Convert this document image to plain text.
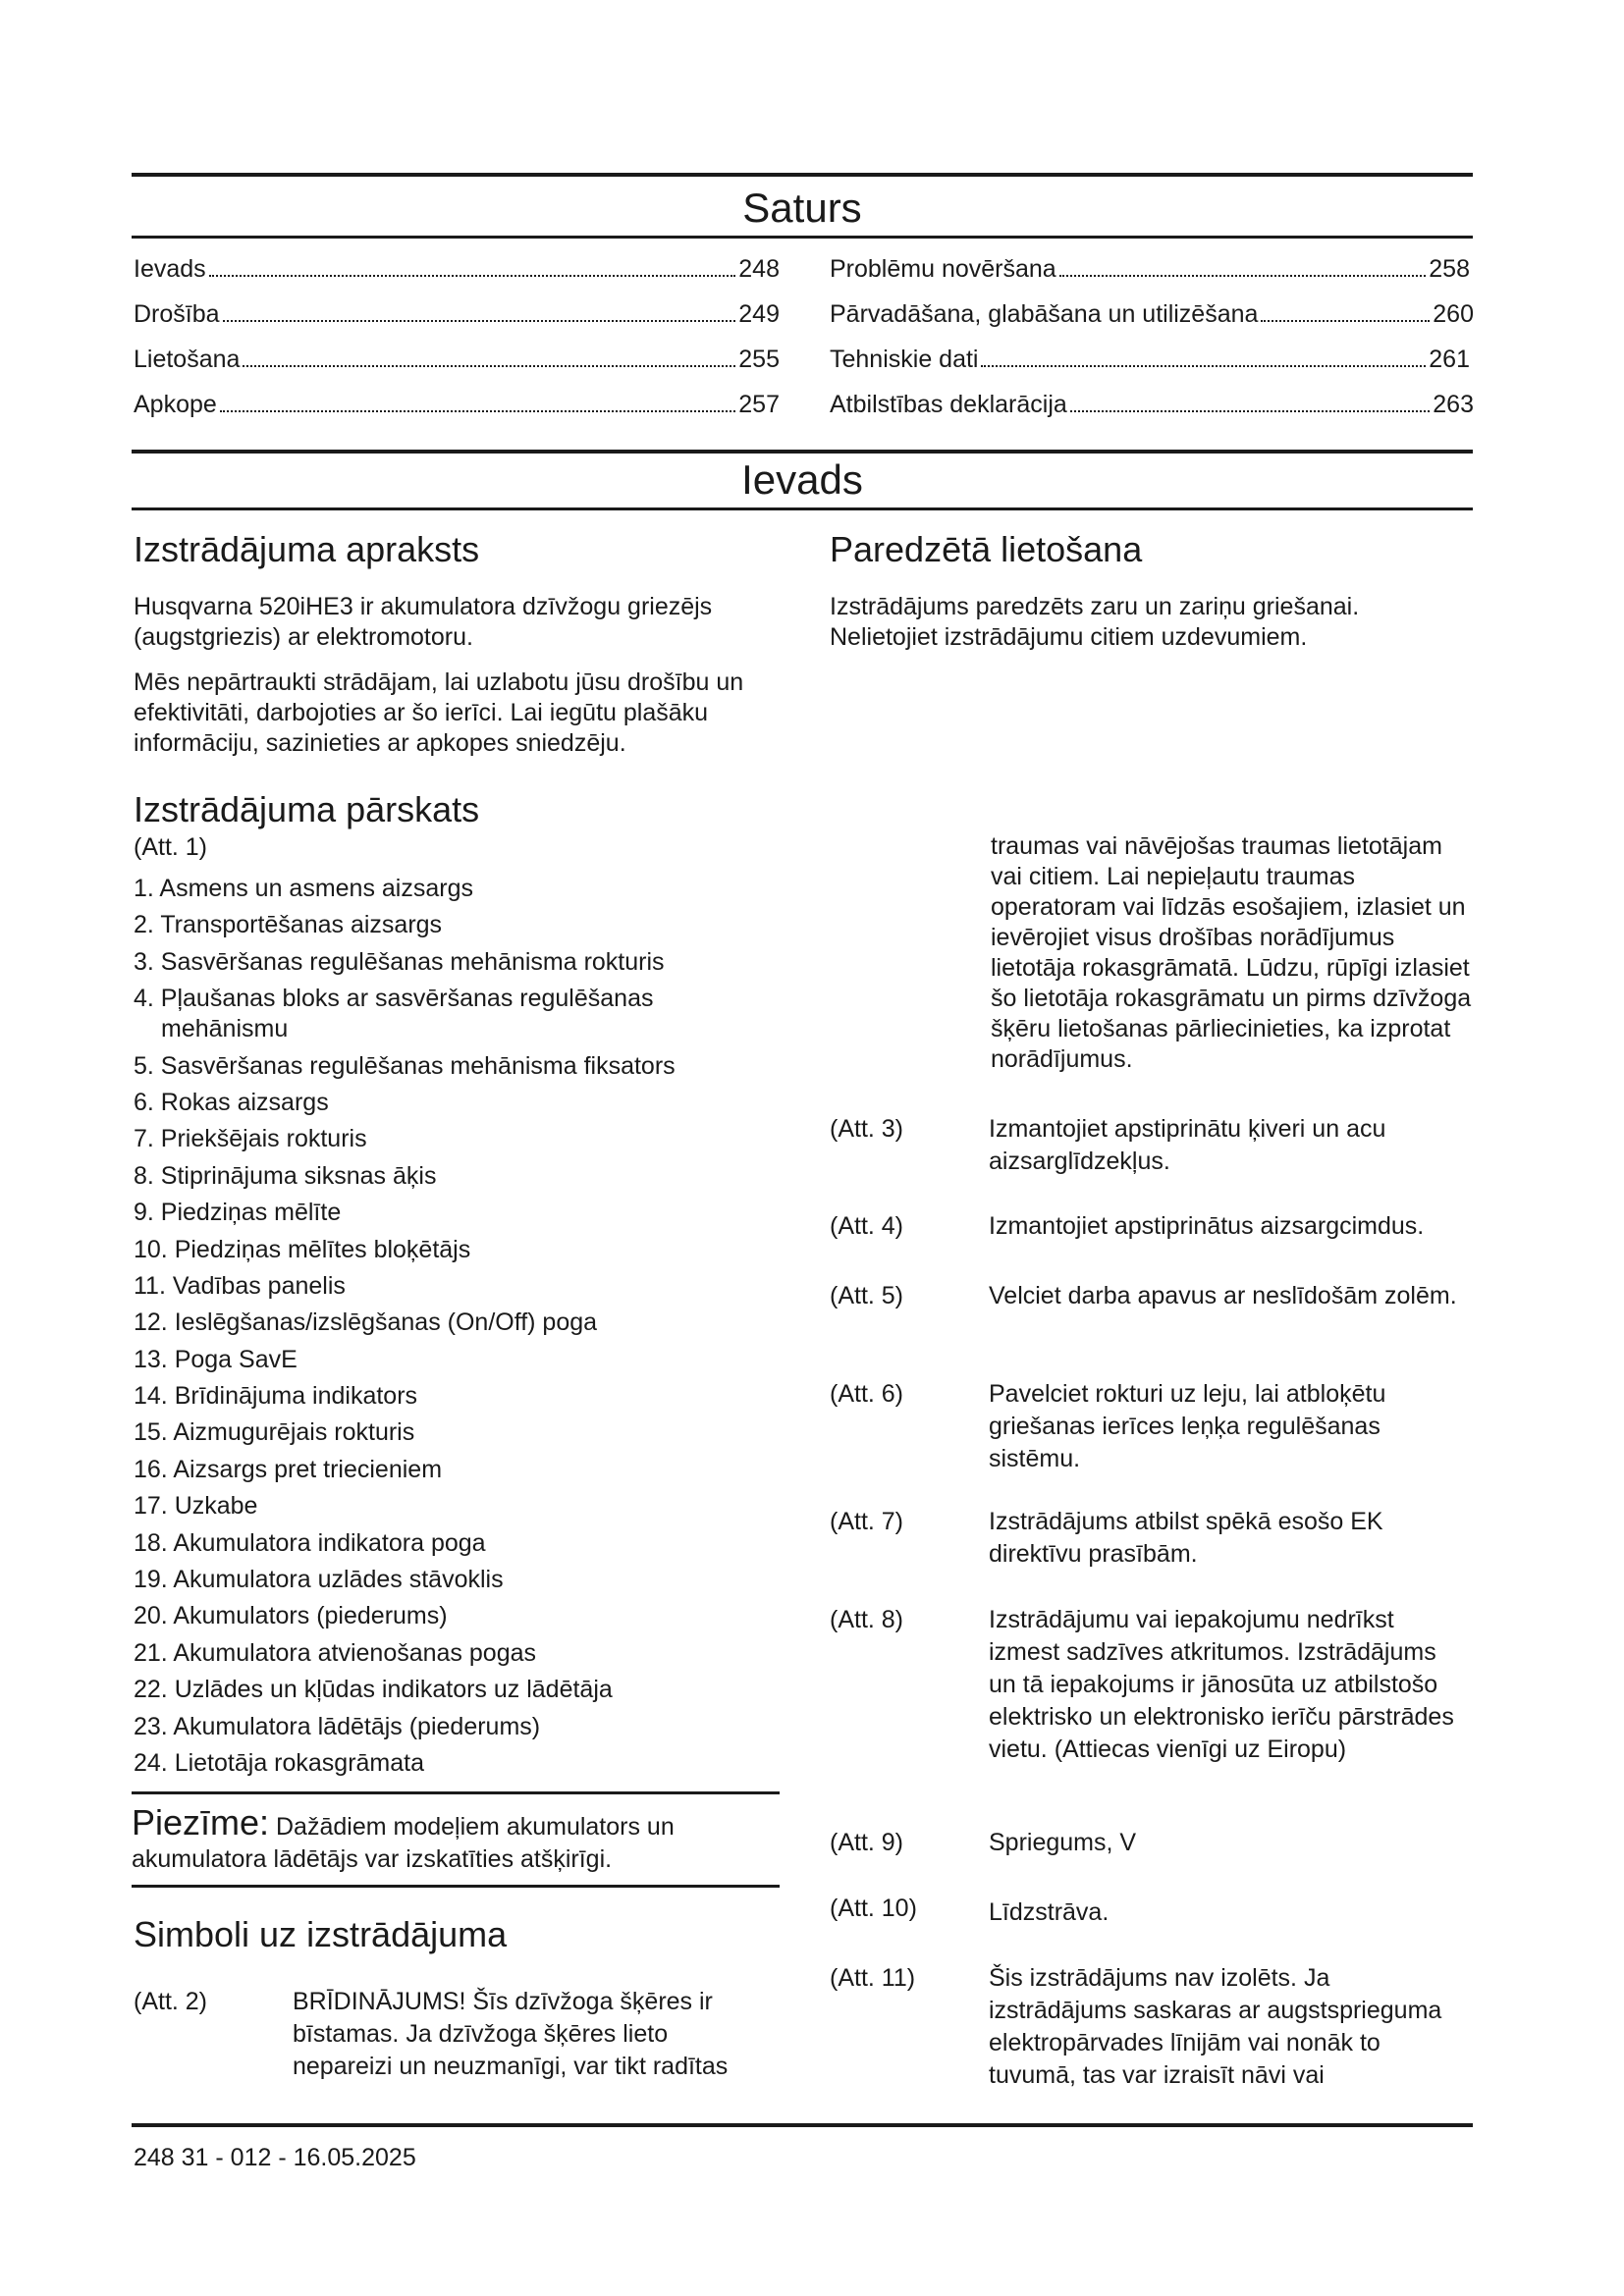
Saturs
Ievads	248
Drošība	249
Lietošana	255
Apkope	257
Problēmu novēršana	258
Pārvadāšana, glabāšana un utilizēšana	260
Tehniskie dati	261
Atbilstības deklarācija	263
Ievads
Izstrādājuma apraksts

Husqvarna 520iHE3 ir akumulatora dzīvžogu griezējs (augstgriezis) ar elektromotoru.

Mēs nepārtraukti strādājam, lai uzlabotu jūsu drošību un efektivitāti, darbojoties ar šo ierīci. Lai iegūtu plašāku informāciju, sazinieties ar apkopes sniedzēju.

Izstrādājuma pārskats

(Att. 1)

1. Asmens un asmens aizsargs
2. Transportēšanas aizsargs
3. Sasvēršanas regulēšanas mehānisma rokturis
4. Pļaušanas bloks ar sasvēršanas regulēšanas mehānismu
5. Sasvēršanas regulēšanas mehānisma fiksators
6. Rokas aizsargs
7. Priekšējais rokturis
8. Stiprinājuma siksnas āķis
9. Piedziņas mēlīte
10. Piedziņas mēlītes bloķētājs
11. Vadības panelis
12. Ieslēgšanas/izslēgšanas (On/Off) poga
13. Poga SavE
14. Brīdinājuma indikators
15. Aizmugurējais rokturis
16. Aizsargs pret triecieniem
17. Uzkabe
18. Akumulatora indikatora poga
19. Akumulatora uzlādes stāvoklis
20. Akumulators (piederums)
21. Akumulatora atvienošanas pogas
22. Uzlādes un kļūdas indikators uz lādētāja
23. Akumulatora lādētājs (piederums)
24. Lietotāja rokasgrāmata

Piezīme: Dažādiem modeļiem akumulators un akumulatora lādētājs var izskatīties atšķirīgi.

Simboli uz izstrādājuma
(Att. 2)	BRĪDINĀJUMS! Šīs dzīvžoga šķēres ir bīstamas. Ja dzīvžoga šķēres lieto nepareizi un neuzmanīgi, var tikt radītas
Paredzētā lietošana

Izstrādājums paredzēts zaru un zariņu griešanai. Nelietojiet izstrādājumu citiem uzdevumiem.

traumas vai nāvējošas traumas lietotājam vai citiem. Lai nepieļautu traumas operatoram vai līdzās esošajiem, izlasiet un ievērojiet visus drošības norādījumus lietotāja rokasgrāmatā. Lūdzu, rūpīgi izlasiet šo lietotāja rokasgrāmatu un pirms dzīvžoga šķēru lietošanas pārliecinieties, ka izprotat norādījumus.

(Att. 3)	Izmantojiet apstiprinātu ķiveri un acu aizsarglīdzekļus.
(Att. 4)	Izmantojiet apstiprinātus aizsargcimdus.
(Att. 5)	Velciet darba apavus ar neslīdošām zolēm.
(Att. 6)	Pavelciet rokturi uz leju, lai atbloķētu griešanas ierīces leņķa regulēšanas sistēmu.
(Att. 7)	Izstrādājums atbilst spēkā esošo EK direktīvu prasībām.
(Att. 8)	Izstrādājumu vai iepakojumu nedrīkst izmest sadzīves atkritumos. Izstrādājums un tā iepakojums ir jānosūta uz atbilstošo elektrisko un elektronisko ierīču pārstrādes vietu. (Attiecas vienīgi uz Eiropu)
(Att. 9)	Spriegums, V
(Att. 10)	Līdzstrāva.
(Att. 11)	Šis izstrādājums nav izolēts. Ja izstrādājums saskaras ar augstsprieguma elektropārvades līnijām vai nonāk to tuvumā, tas var izraisīt nāvi vai
248 31 - 012 - 16.05.2025
